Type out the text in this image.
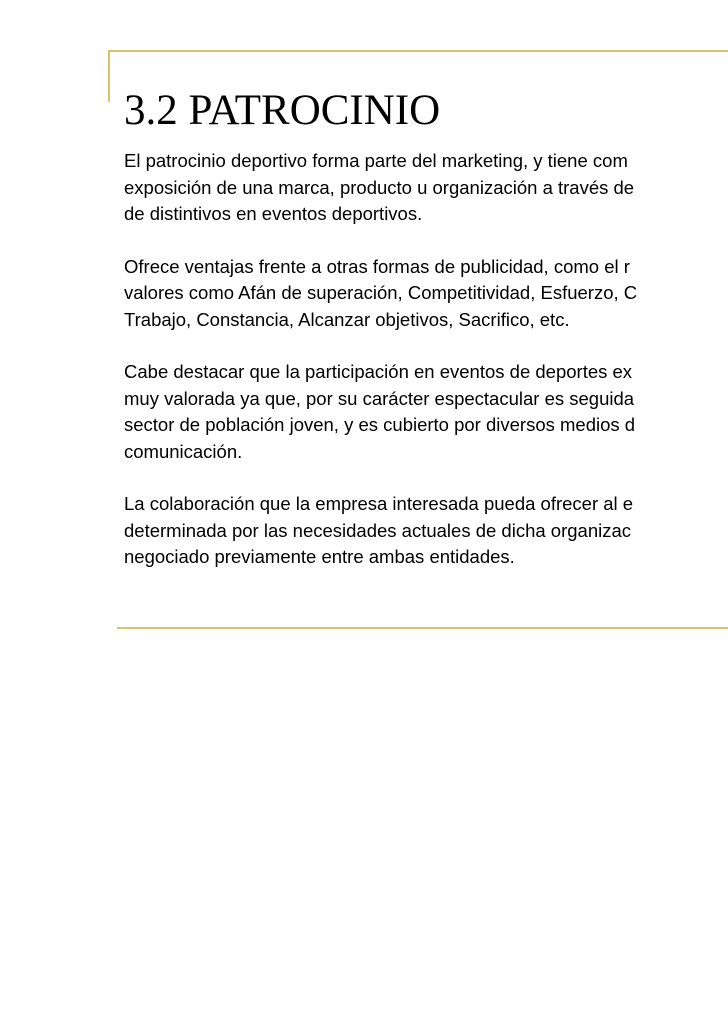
3.2 PATROCINIO

El patrocinio deportivo forma parte del marketing, y tiene com
exposición de una marca, producto u organización a través de
de distintivos en eventos deportivos.

Ofrece ventajas frente a otras formas de publicidad, como el r
valores como Afán de superación, Competitividad, Esfuerzo, C
Trabajo, Constancia, Alcanzar objetivos, Sacrifico, etc.

Cabe destacar que la participación en eventos de deportes ex
muy valorada ya que, por su carácter espectacular es seguida
sector de población joven, y es cubierto por diversos medios d
comunicación.

La colaboración que la empresa interesada pueda ofrecer al e
determinada por las necesidades actuales de dicha organizac
negociado previamente entre ambas entidades.
